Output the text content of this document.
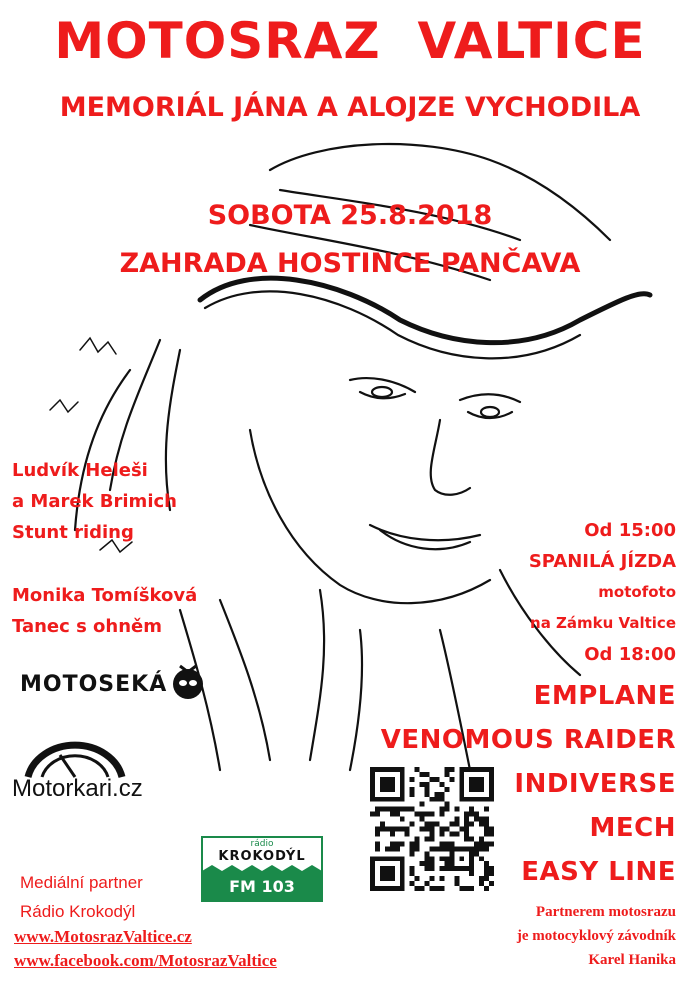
MOTOSRAZ  VALTICE
MEMORIÁL JÁNA A ALOJZE VYCHODILA
SOBOTA 25.8.2018
ZAHRADA HOSTINCE PANČAVA
Ludvík Heleši
a Marek Brimich
Stunt riding
Monika Tomíšková
Tanec s ohněm
Od 15:00
SPANILÁ JÍZDA
motofoto
na Zámku Valtice
Od 18:00
EMPLANE
VENOMOUS RAIDER
INDIVERSE
MECH
EASY LINE
MOTOSEKÁ
Motorkari.cz
rádio
KROKODÝL
FM 103
Mediální partner
Rádio Krokodýl
www.MotosrazValtice.cz
www.facebook.com/MotosrazValtice
Partnerem motosrazu
je motocyklový závodník
Karel Hanika
